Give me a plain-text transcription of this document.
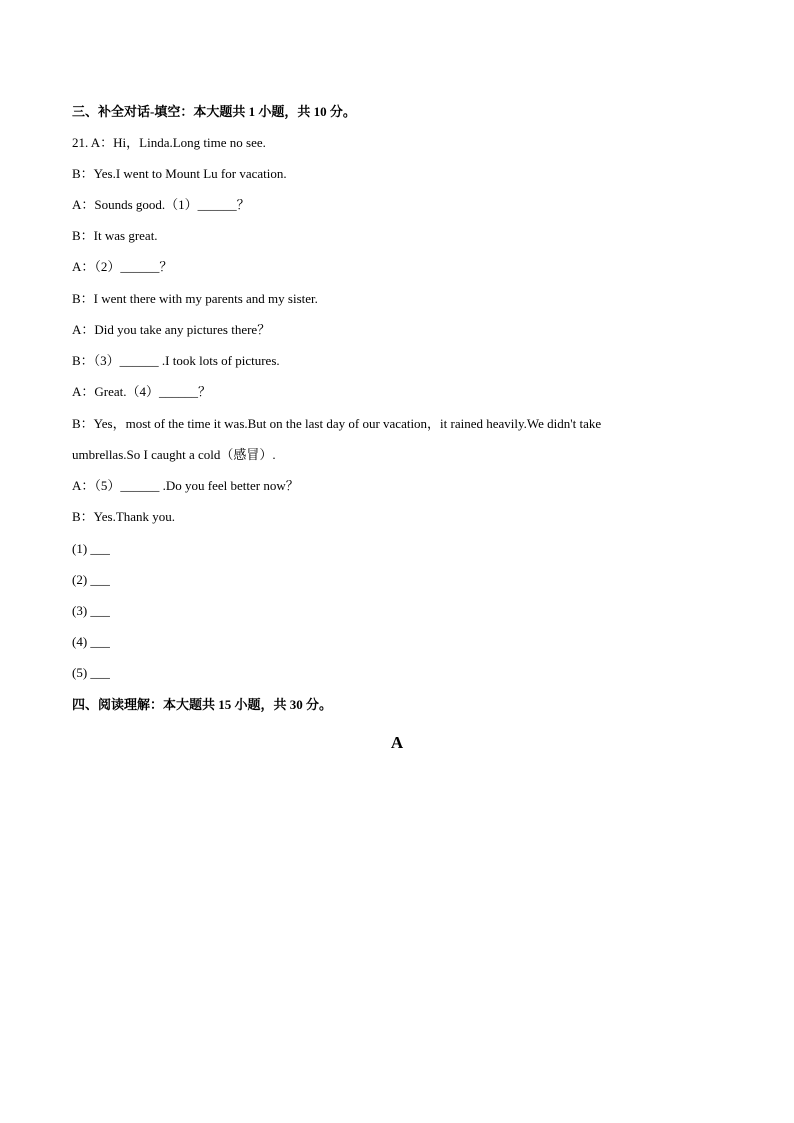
三、补全对话-填空：本大题共 1 小题，共 10 分。
21. A：Hi，Linda.Long time no see.
B：Yes.I went to Mount Lu for vacation.
A：Sounds good.（1）______？
B：It was great.
A：（2）______？
B：I went there with my parents and my sister.
A：Did you take any pictures there？
B：（3）______ .I took lots of pictures.
A：Great.（4）______？
B：Yes，most of the time it was.But on the last day of our vacation，it rained heavily.We didn't take
umbrellas.So I caught a cold（感冒）.
A：（5）______ .Do you feel better now？
B：Yes.Thank you.
(1) ___
(2) ___
(3) ___
(4) ___
(5) ___
四、阅读理解：本大题共 15 小题，共 30 分。
A
